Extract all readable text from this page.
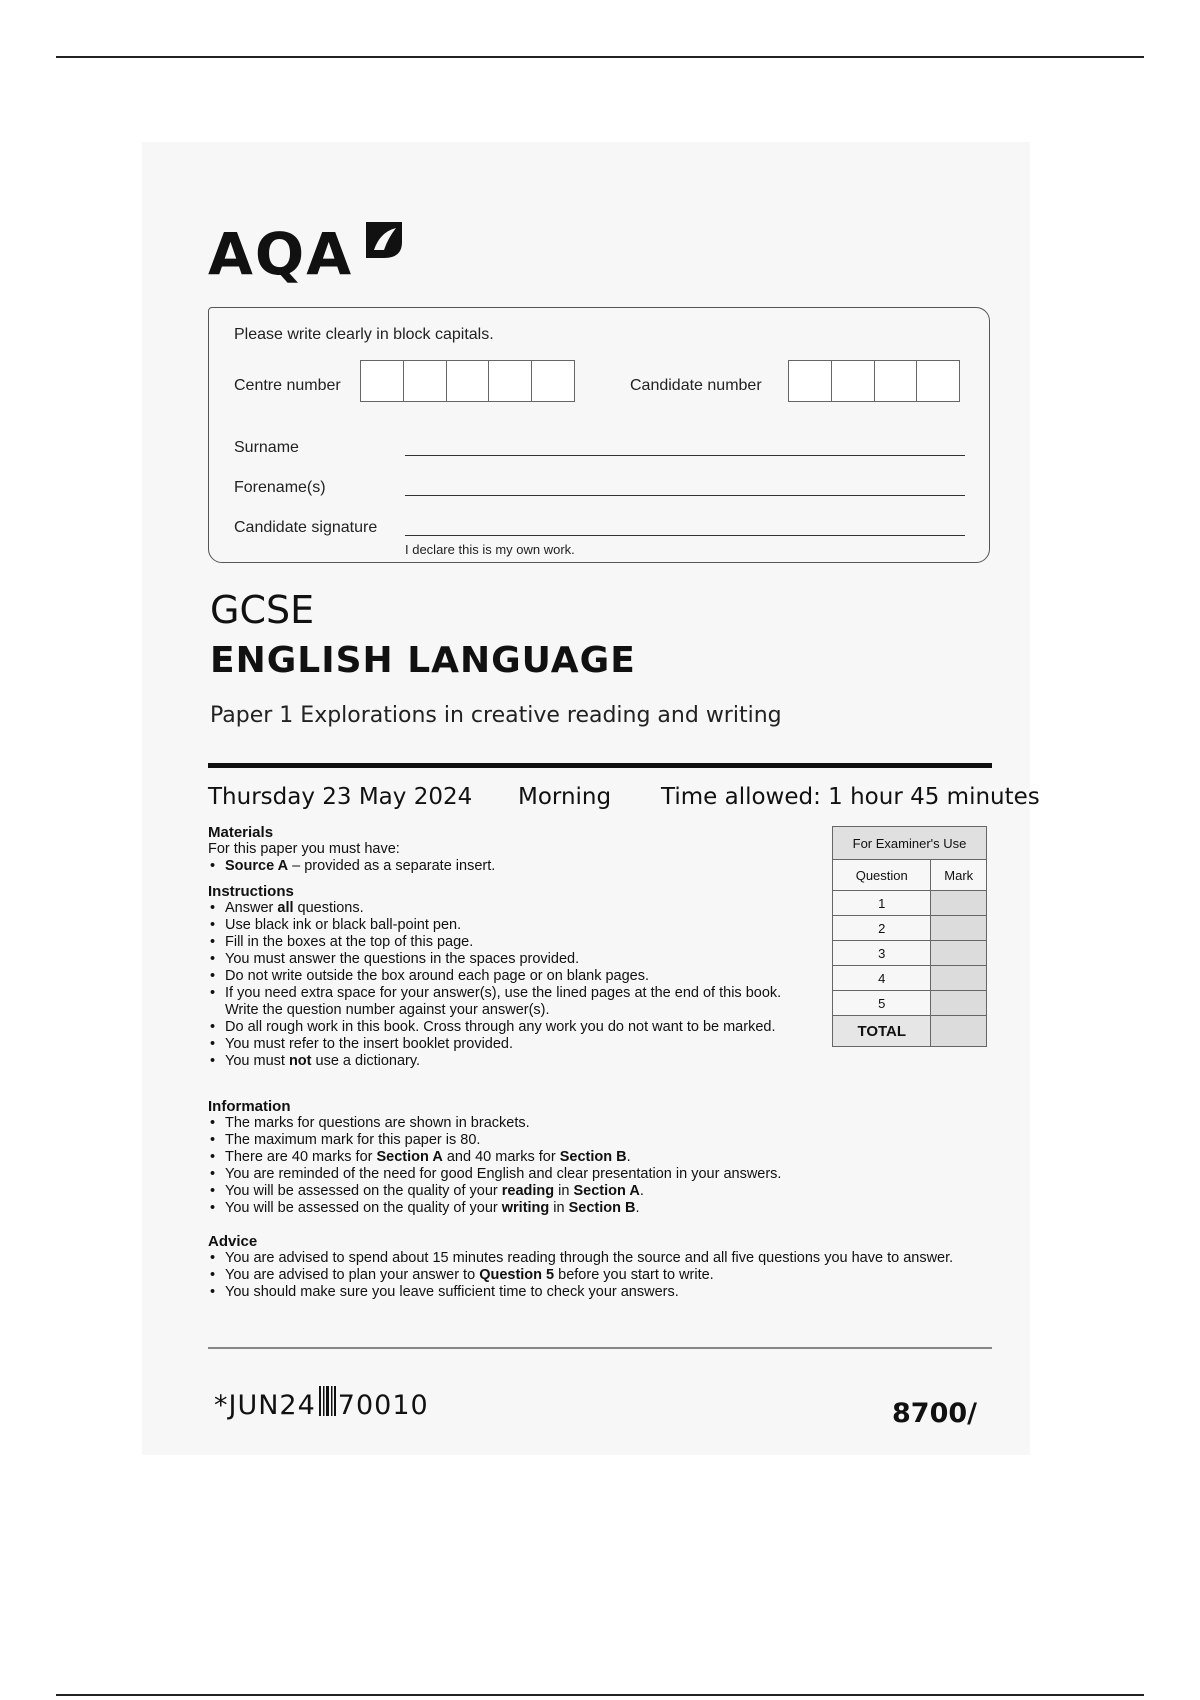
AQA
Please write clearly in block capitals.
Centre number	Candidate number
Surname
Forename(s)
Candidate signature
I declare this is my own work.
GCSE
ENGLISH LANGUAGE
Paper 1 Explorations in creative reading and writing
Thursday 23 May 2024 Morning Time allowed: 1 hour 45 minutes
Materials

For this paper you must have:

• Source A – provided as a separate insert.
Instructions
• Answer all questions.
• Use black ink or black ball-point pen.
• Fill in the boxes at the top of this page.
• You must answer the questions in the spaces provided.
• Do not write outside the box around each page or on blank pages.
• If you need extra space for your answer(s), use the lined pages at the end of this book. Write the question number against your answer(s).
• Do all rough work in this book. Cross through any work you do not want to be marked.
• You must refer to the insert booklet provided.
• You must not use a dictionary.
Information
• The marks for questions are shown in brackets.
• The maximum mark for this paper is 80.
• There are 40 marks for Section A and 40 marks for Section B.
• You are reminded of the need for good English and clear presentation in your answers.
• You will be assessed on the quality of your reading in Section A.
• You will be assessed on the quality of your writing in Section B.
Advice
• You are advised to spend about 15 minutes reading through the source and all five questions you have to answer.
• You are advised to plan your answer to Question 5 before you start to write.
• You should make sure you leave sufficient time to check your answers.
For Examiner's Use	
Question	Mark
1	
2	
3	
4	
5	
TOTAL	
*JUN24 70010	8700/
